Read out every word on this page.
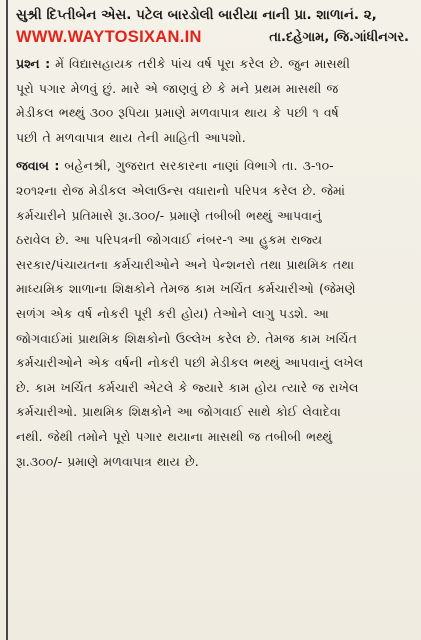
સુશ્રી દિપ્તીબેન એસ. પટેલ બારડોલી બારીયા નાની પ્રા. શાળાનં. ૨,
WWW.WAYTOSIXAN.IN	તા.દહેગામ, જિ.ગાંધીનગર.
પ્રશ્ન : મેં વિદ્યાસહાયક તરીકે પાંચ વર્ષ પૂરા કરેલ છે. જુન માસથી
પૂરો પગાર મેળવું છું. મારે એ જાણવું છે કે મને પ્રથમ માસથી જ
મેડીકલ ભથ્થું ૩૦૦ રૂપિયા પ્રમાણે મળવાપાત્ર થાય કે પછી ૧ વર્ષ
પછી તે મળવાપાત્ર થાય તેની માહિતી આપશો.
જવાબ : બહેનશ્રી, ગુજરાત સરકારના નાણાં વિભાગે તા. ૩-૧૦-
૨૦૧૨ના રોજ મેડીકલ એલાઉન્સ વધારાનો પરિપત્ર કરેલ છે. જેમાં
કર્મચારીને પ્રતિમાસે રૂા.૩૦૦/- પ્રમાણે તબીબી ભથ્થું આપવાનું
ઠરાવેલ છે. આ પરિપત્રની જોગવાઈ નંબર-૧ આ હુકમ રાજ્ય
સરકાર/પંચાયતના કર્મચારીઓને અને પેન્શનરો તથા પ્રાથમિક તથા
માધ્યમિક શાળાના શિક્ષકોને તેમજ કામ ખર્ચિત કર્મચારીઓ (જેમણે
સળંગ એક વર્ષ નોકરી પૂરી કરી હોય) તેઓને લાગુ પડશે. આ
જોગવાઈમાં પ્રાથમિક શિક્ષકોનો ઉલ્લેખ કરેલ છે. તેમજ કામ ખર્ચિત
કર્મચારીઓને એક વર્ષની નોકરી પછી મેડીકલ ભથ્થું આપવાનું લખેલ
છે. કામ ખર્ચિત કર્મચારી એટલે કે જ્યારે કામ હોય ત્યારે જ રાખેલ
કર્મચારીઓ. પ્રાથમિક શિક્ષકોને આ જોગવાઈ સાથે કોઈ લેવાદેવા
નથી. જેથી તમોને પૂરો પગાર થયાના માસથી જ તબીબી ભથ્થું
રૂા.૩૦૦/- પ્રમાણે મળવાપાત્ર થાય છે.
